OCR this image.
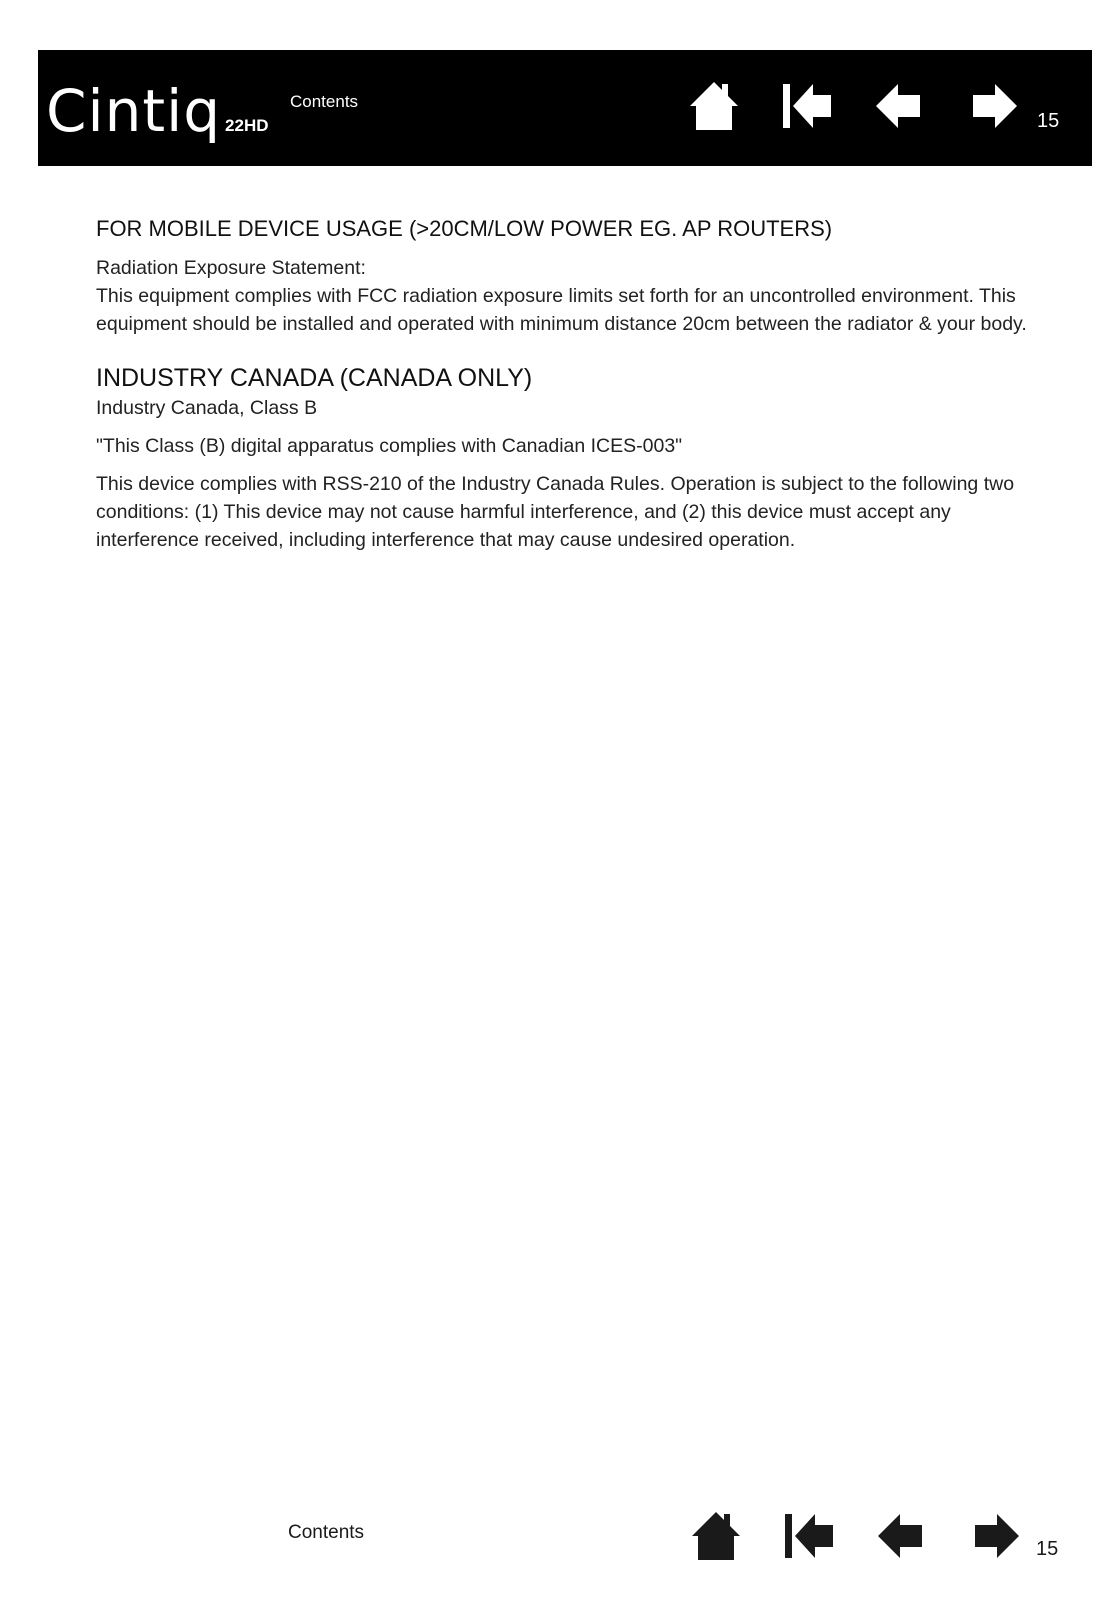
Cintiq 22HD
Contents
15
FOR MOBILE DEVICE USAGE (>20CM/LOW POWER EG. AP ROUTERS)

Radiation Exposure Statement:

This equipment complies with FCC radiation exposure limits set forth for an uncontrolled environment. This equipment should be installed and operated with minimum distance 20cm between the radiator & your body.

INDUSTRY CANADA (CANADA ONLY)

Industry Canada, Class B

"This Class (B) digital apparatus complies with Canadian ICES-003"

This device complies with RSS-210 of the Industry Canada Rules. Operation is subject to the following two conditions: (1) This device may not cause harmful interference, and (2) this device must accept any interference received, including interference that may cause undesired operation.

Contents
15
